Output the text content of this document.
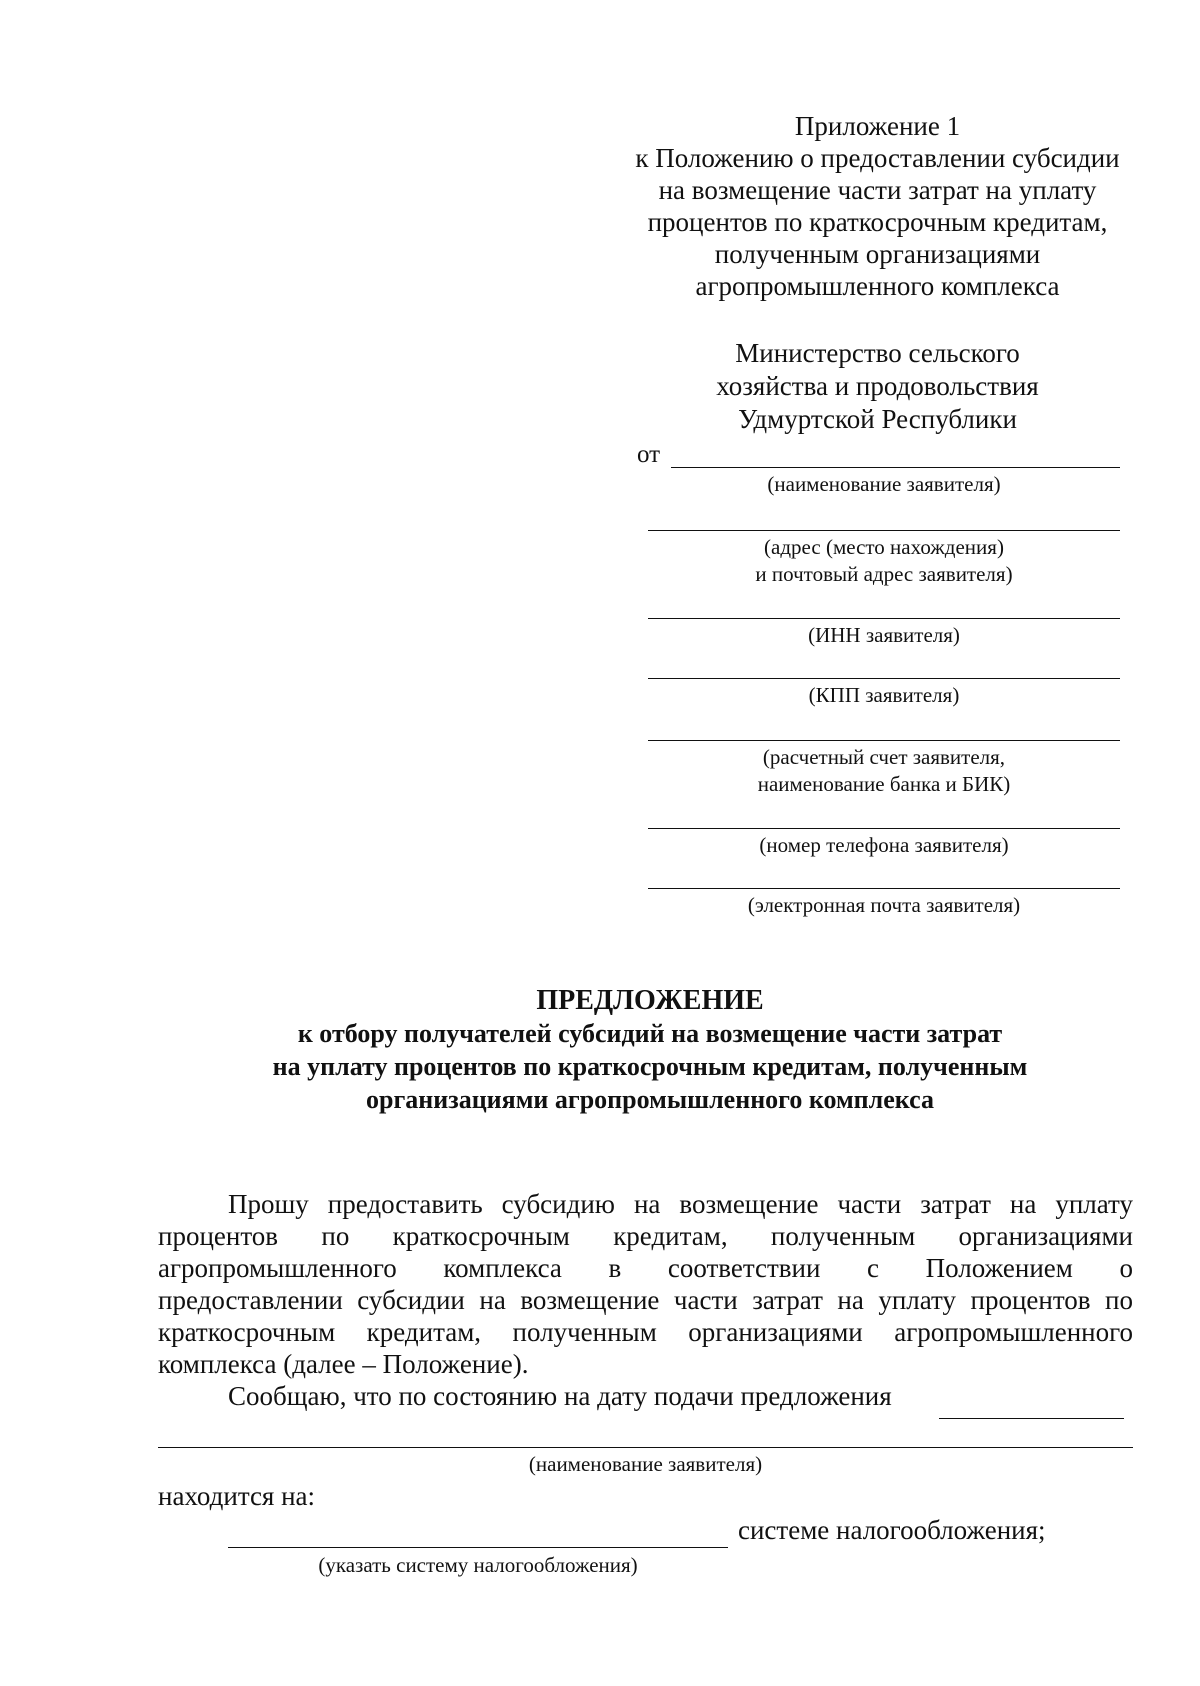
Приложение 1
к Положению о предоставлении субсидии
на возмещение части затрат на уплату
процентов по краткосрочным кредитам,
полученным организациями
агропромышленного комплекса
Министерство сельского
хозяйства и продовольствия
Удмуртской Республики
от
(наименование заявителя)
(адрес (место нахождения)
и почтовый адрес заявителя)
(ИНН заявителя)
(КПП заявителя)
(расчетный счет заявителя,
наименование банка и БИК)
(номер телефона заявителя)
(электронная почта заявителя)
ПРЕДЛОЖЕНИЕ
к отбору получателей субсидий на возмещение части затрат
на уплату процентов по краткосрочным кредитам, полученным
организациями агропромышленного комплекса
Прошу предоставить субсидию на возмещение части затрат на уплату
процентов по краткосрочным кредитам, полученным организациями
агропромышленного комплекса в соответствии с Положением о
предоставлении субсидии на возмещение части затрат на уплату процентов по
краткосрочным кредитам, полученным организациями агропромышленного
комплекса (далее – Положение).
Сообщаю, что по состоянию на дату подачи предложения
(наименование заявителя)
находится на:
системе налогообложения;
(указать систему налогообложения)
